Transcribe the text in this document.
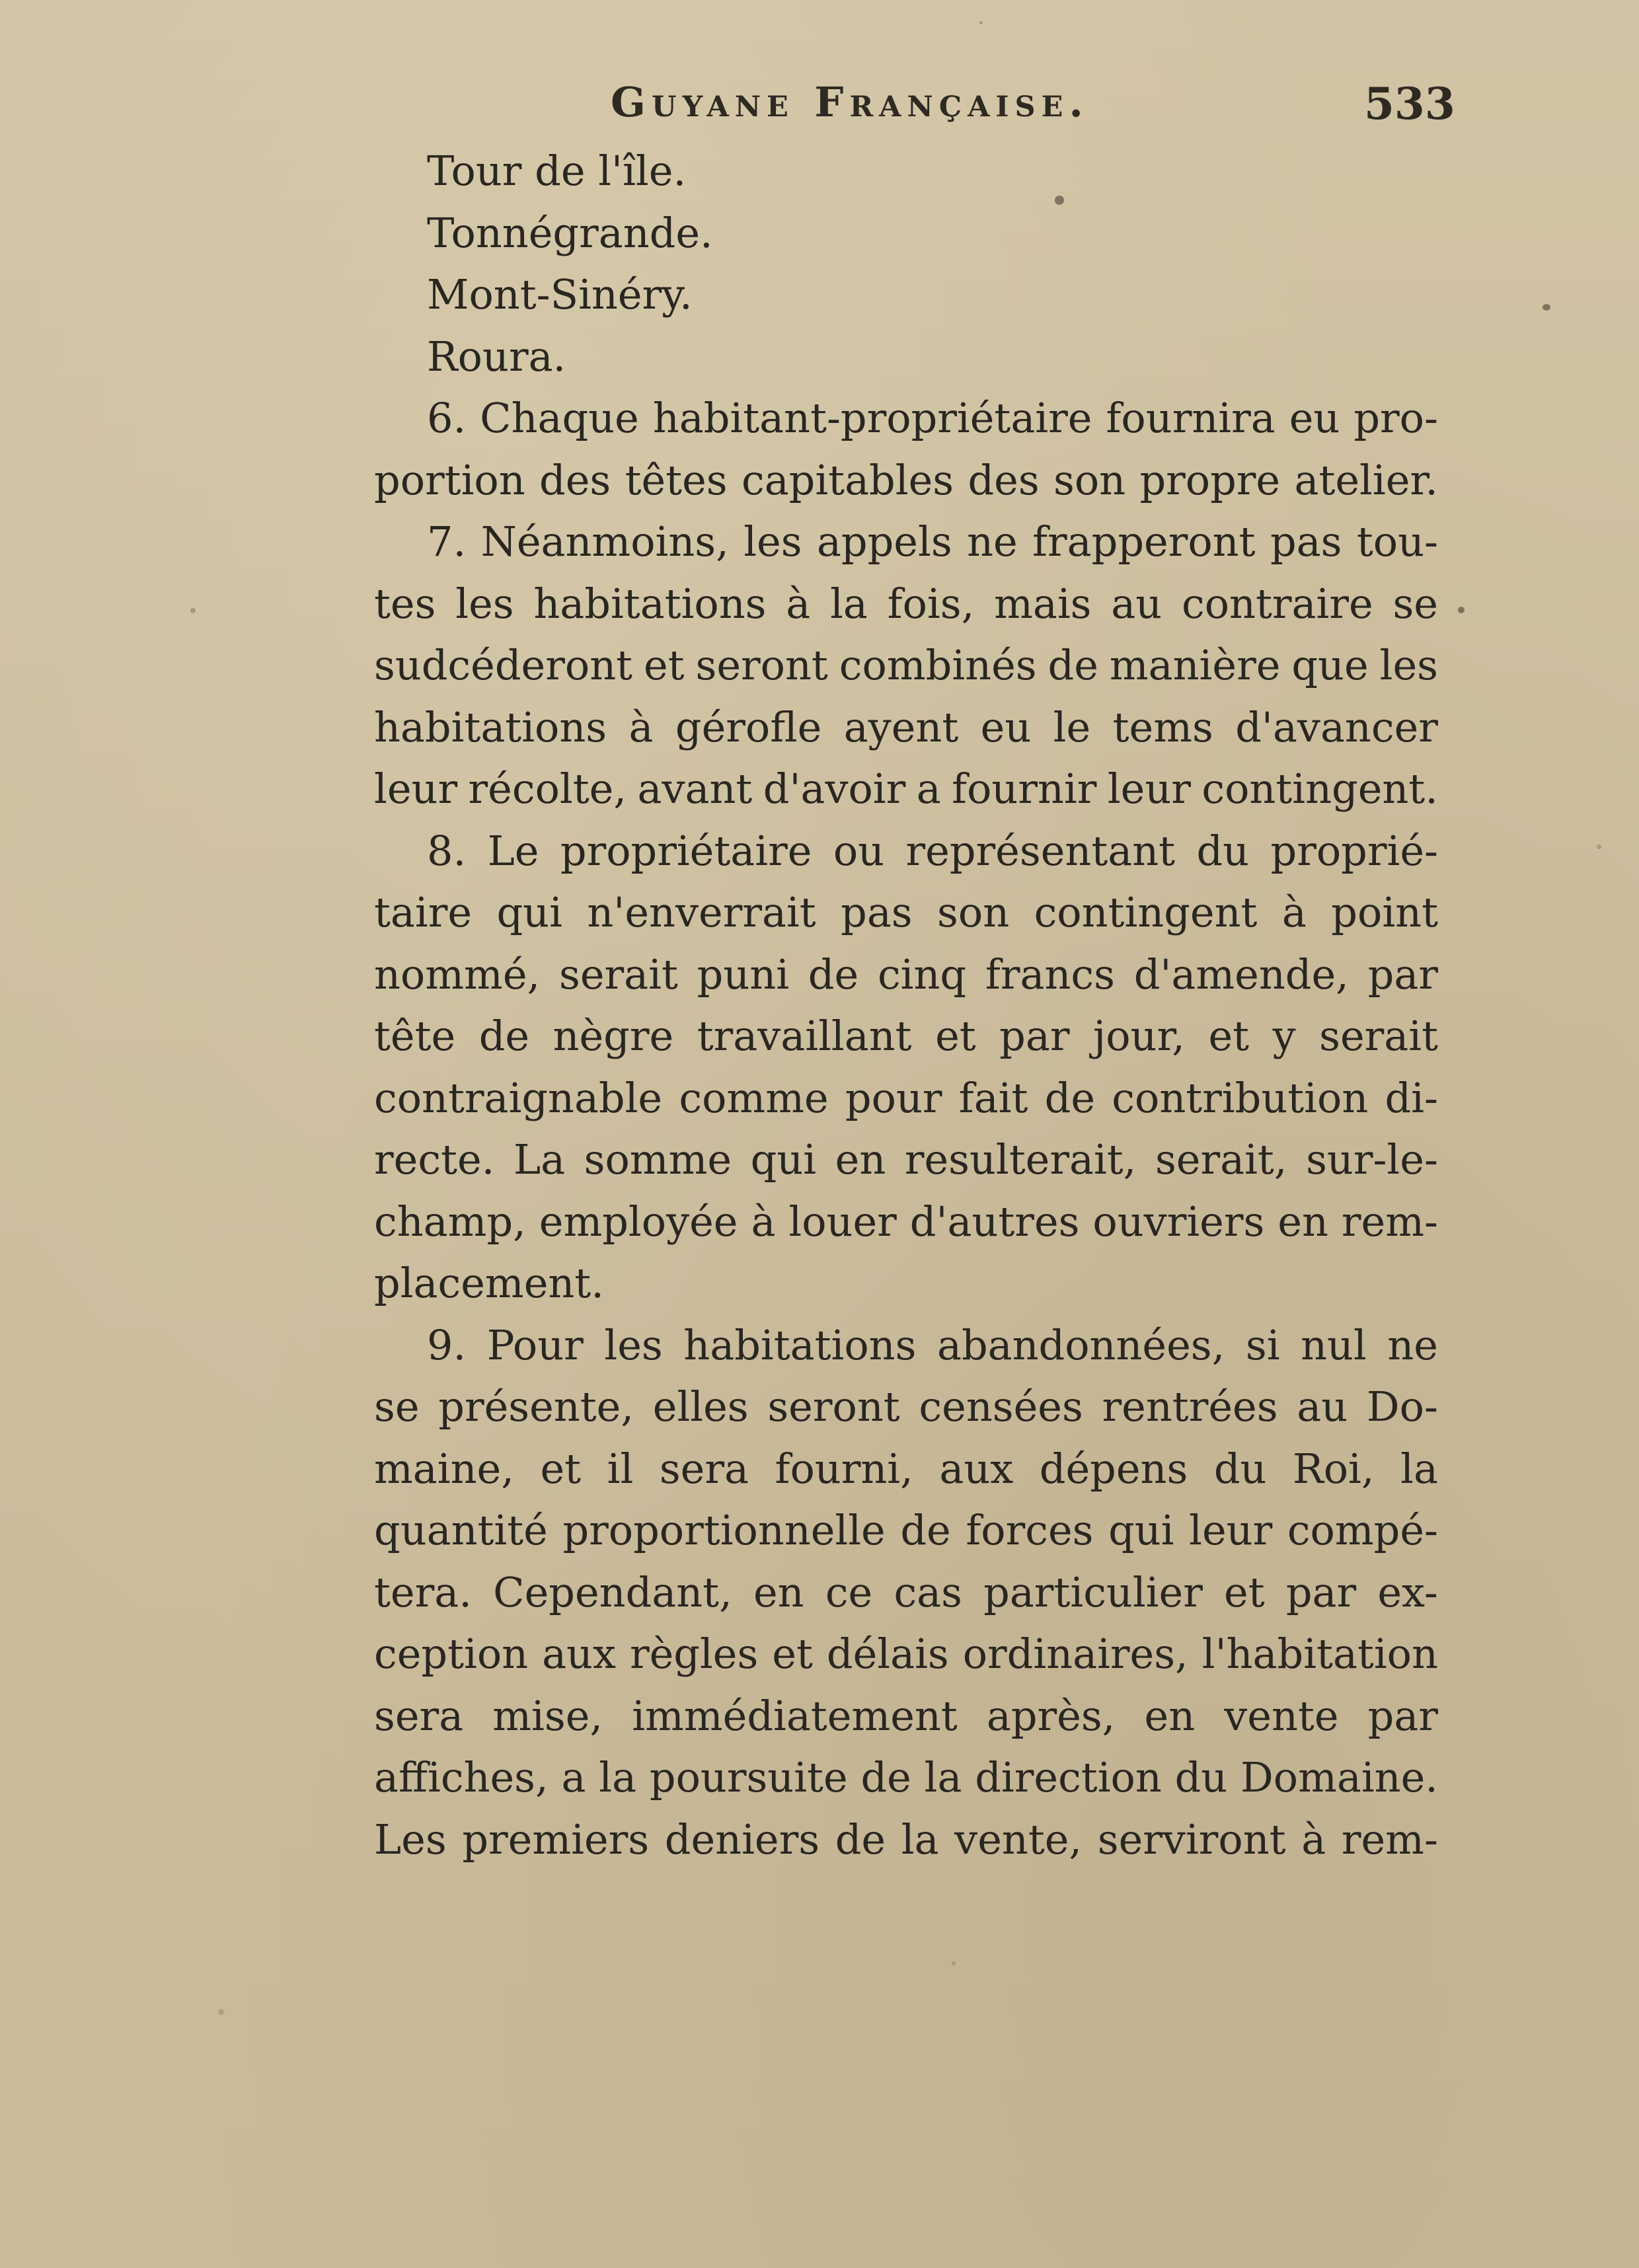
Guyane Française.	533
Tour de l'île.
Tonnégrande.
Mont-Sinéry.
Roura.
6. Chaque habitant-propriétaire fournira eu pro-
portion des têtes capitables des son propre atelier.
7. Néanmoins, les appels ne frapperont pas tou-
tes les habitations à la fois, mais au contraire se
sudcéderont et seront combinés de manière que les
habitations à gérofle ayent eu le tems d'avancer
leur récolte, avant d'avoir a fournir leur contingent.
8. Le propriétaire ou représentant du proprié-
taire qui n'enverrait pas son contingent à point
nommé, serait puni de cinq francs d'amende, par
tête de nègre travaillant et par jour, et y serait
contraignable comme pour fait de contribution di-
recte. La somme qui en resulterait, serait, sur-le-
champ, employée à louer d'autres ouvriers en rem-
placement.
9. Pour les habitations abandonnées, si nul ne
se présente, elles seront censées rentrées au Do-
maine, et il sera fourni, aux dépens du Roi, la
quantité proportionnelle de forces qui leur compé-
tera. Cependant, en ce cas particulier et par ex-
ception aux règles et délais ordinaires, l'habitation
sera mise, immédiatement après, en vente par
affiches, a la poursuite de la direction du Domaine.
Les premiers deniers de la vente, serviront à rem-
